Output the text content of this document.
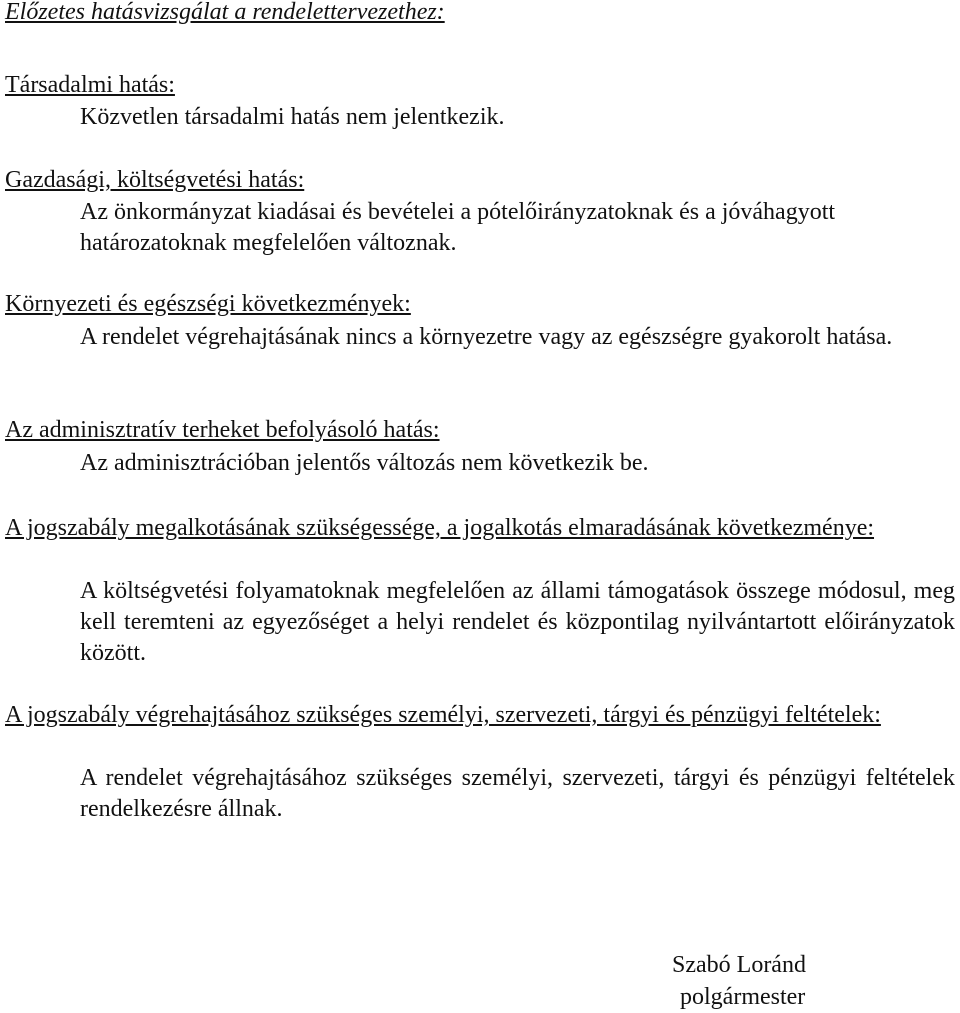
Előzetes hatásvizsgálat a rendelettervezethez:
Társadalmi hatás:
Közvetlen társadalmi hatás nem jelentkezik.
Gazdasági, költségvetési hatás:
Az önkormányzat kiadásai és bevételei a pótelőirányzatoknak és a jóváhagyott határozatoknak megfelelően változnak.
Környezeti és egészségi következmények:
A rendelet végrehajtásának nincs a környezetre vagy az egészségre gyakorolt hatása.
Az adminisztratív terheket befolyásoló hatás:
Az adminisztrációban jelentős változás nem következik be.
A jogszabály megalkotásának szükségessége, a jogalkotás elmaradásának következménye:
A költségvetési folyamatoknak megfelelően az állami támogatások összege módosul, meg kell teremteni az egyezőséget a helyi rendelet és központilag nyilvántartott előirányzatok között.
A jogszabály végrehajtásához szükséges személyi, szervezeti, tárgyi és pénzügyi feltételek:
A rendelet végrehajtásához szükséges személyi, szervezeti, tárgyi és pénzügyi feltételek rendelkezésre állnak.
Szabó Loránd
polgármester
